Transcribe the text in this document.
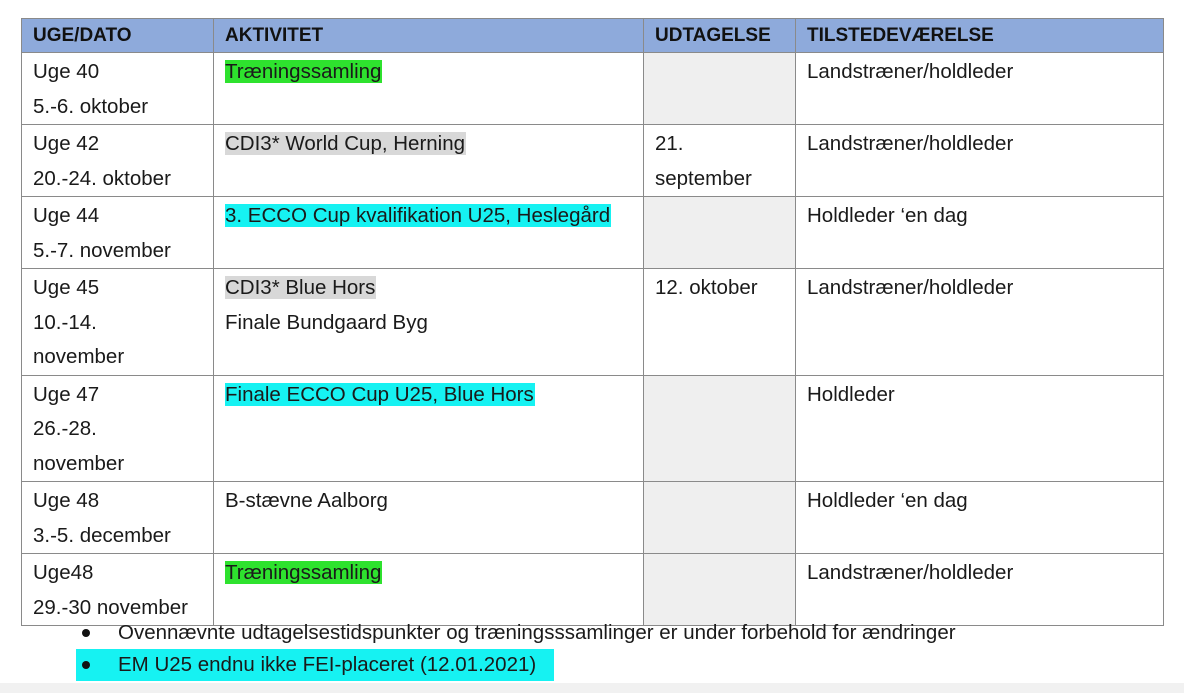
UGE/DATO	AKTIVITET	UDTAGELSE	TILSTEDEVÆRELSE

Uge 40
5.-6. oktober	Træningssamling		Landstræner/holdleder

Uge 42
20.-24. oktober	CDI3* World Cup, Herning	21.
september	Landstræner/holdleder

Uge 44
5.-7. november	3. ECCO Cup kvalifikation U25, Heslegård		Holdleder ‘en dag

Uge 45
10.-14.
november	CDI3* Blue Hors
Finale Bundgaard Byg	12. oktober	Landstræner/holdleder

Uge 47
26.-28.
november	Finale ECCO Cup U25, Blue Hors		Holdleder

Uge 48
3.-5. december	B-stævne Aalborg		Holdleder ‘en dag

Uge48
29.-30 november	Træningssamling		Landstræner/holdleder
Ovennævnte udtagelsestidspunkter og træningsssamlinger er under forbehold for ændringer
EM U25 endnu ikke FEI-placeret (12.01.2021)
